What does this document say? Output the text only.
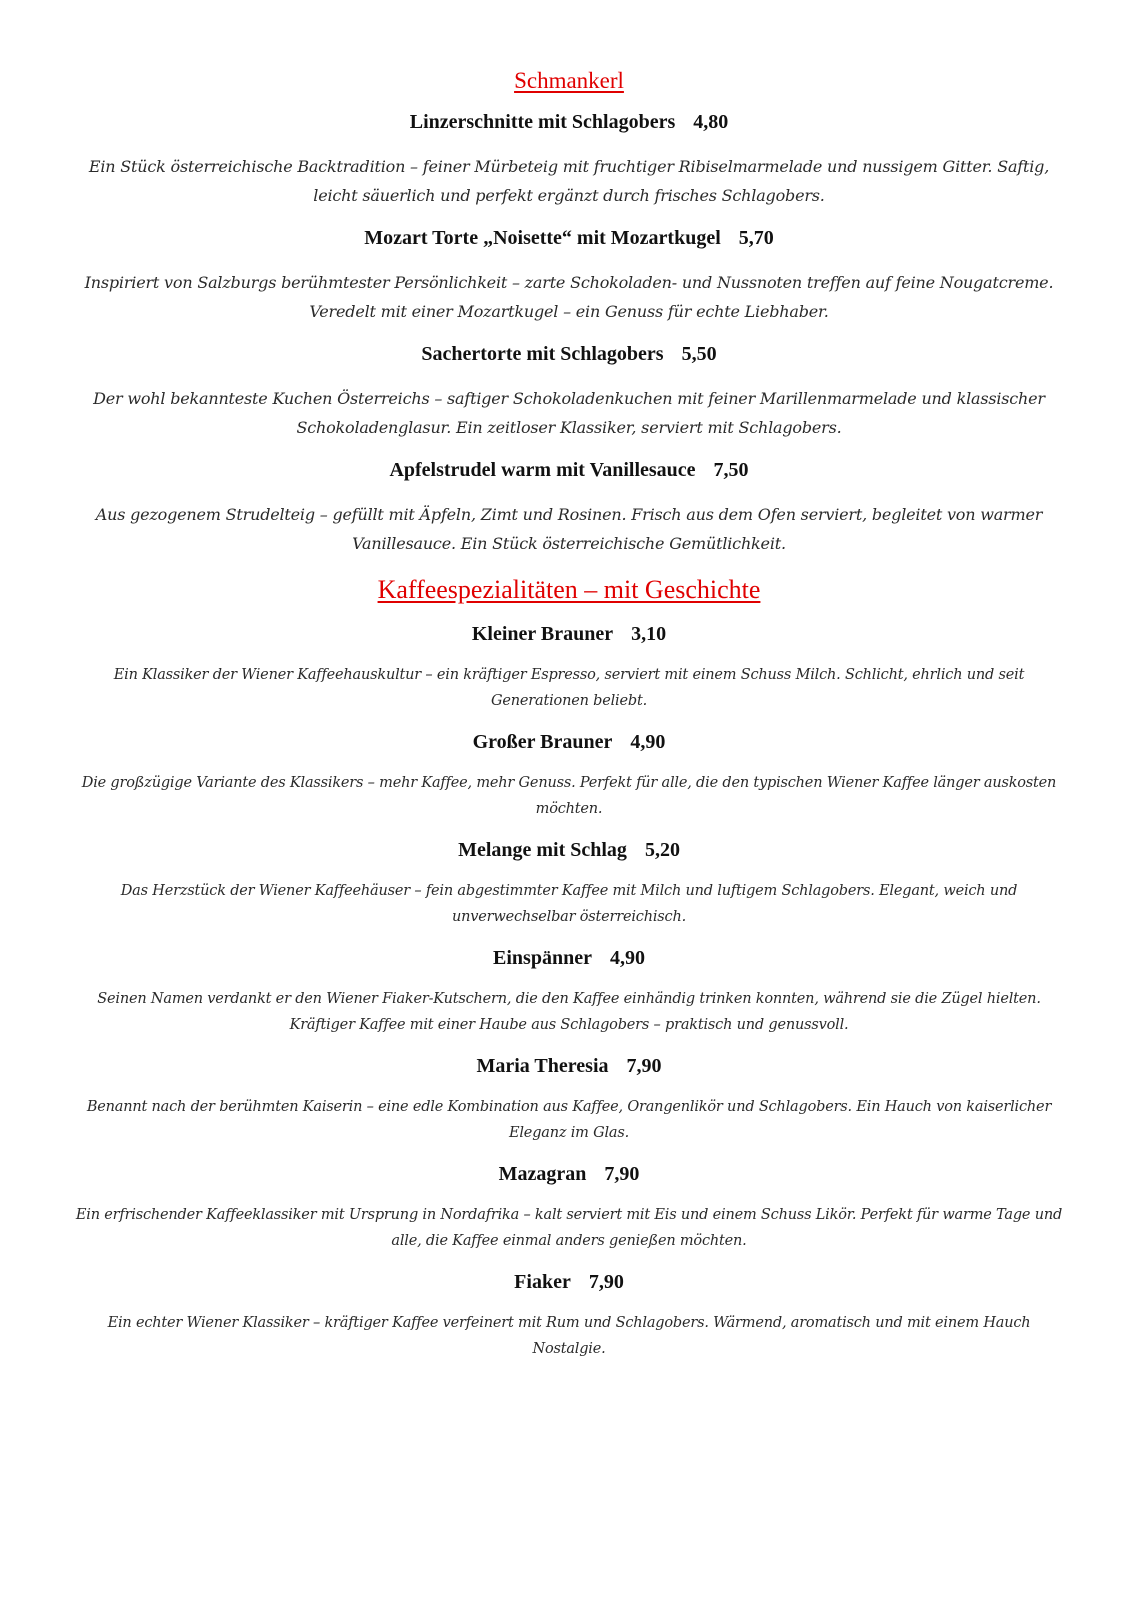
Schmankerl

Linzerschnitte mit Schlagobers 4,80

Ein Stück österreichische Backtradition – feiner Mürbeteig mit fruchtiger Ribiselmarmelade und nussigem Gitter. Saftig, leicht säuerlich und perfekt ergänzt durch frisches Schlagobers.

Mozart Torte „Noisette“ mit Mozartkugel 5,70

Inspiriert von Salzburgs berühmtester Persönlichkeit – zarte Schokoladen- und Nussnoten treffen auf feine Nougatcreme. Veredelt mit einer Mozartkugel – ein Genuss für echte Liebhaber.

Sachertorte mit Schlagobers 5,50

Der wohl bekannteste Kuchen Österreichs – saftiger Schokoladenkuchen mit feiner Marillenmarmelade und klassischer Schokoladenglasur. Ein zeitloser Klassiker, serviert mit Schlagobers.

Apfelstrudel warm mit Vanillesauce 7,50

Aus gezogenem Strudelteig – gefüllt mit Äpfeln, Zimt und Rosinen. Frisch aus dem Ofen serviert, begleitet von warmer Vanillesauce. Ein Stück österreichische Gemütlichkeit.

Kaffeespezialitäten – mit Geschichte

Kleiner Brauner 3,10

Ein Klassiker der Wiener Kaffeehauskultur – ein kräftiger Espresso, serviert mit einem Schuss Milch. Schlicht, ehrlich und seit Generationen beliebt.

Großer Brauner 4,90

Die großzügige Variante des Klassikers – mehr Kaffee, mehr Genuss. Perfekt für alle, die den typischen Wiener Kaffee länger auskosten möchten.

Melange mit Schlag 5,20

Das Herzstück der Wiener Kaffeehäuser – fein abgestimmter Kaffee mit Milch und luftigem Schlagobers. Elegant, weich und unverwechselbar österreichisch.

Einspänner 4,90

Seinen Namen verdankt er den Wiener Fiaker-Kutschern, die den Kaffee einhändig trinken konnten, während sie die Zügel hielten. Kräftiger Kaffee mit einer Haube aus Schlagobers – praktisch und genussvoll.

Maria Theresia 7,90

Benannt nach der berühmten Kaiserin – eine edle Kombination aus Kaffee, Orangenlikör und Schlagobers. Ein Hauch von kaiserlicher Eleganz im Glas.

Mazagran 7,90

Ein erfrischender Kaffeeklassiker mit Ursprung in Nordafrika – kalt serviert mit Eis und einem Schuss Likör. Perfekt für warme Tage und alle, die Kaffee einmal anders genießen möchten.

Fiaker 7,90

Ein echter Wiener Klassiker – kräftiger Kaffee verfeinert mit Rum und Schlagobers. Wärmend, aromatisch und mit einem Hauch Nostalgie.
